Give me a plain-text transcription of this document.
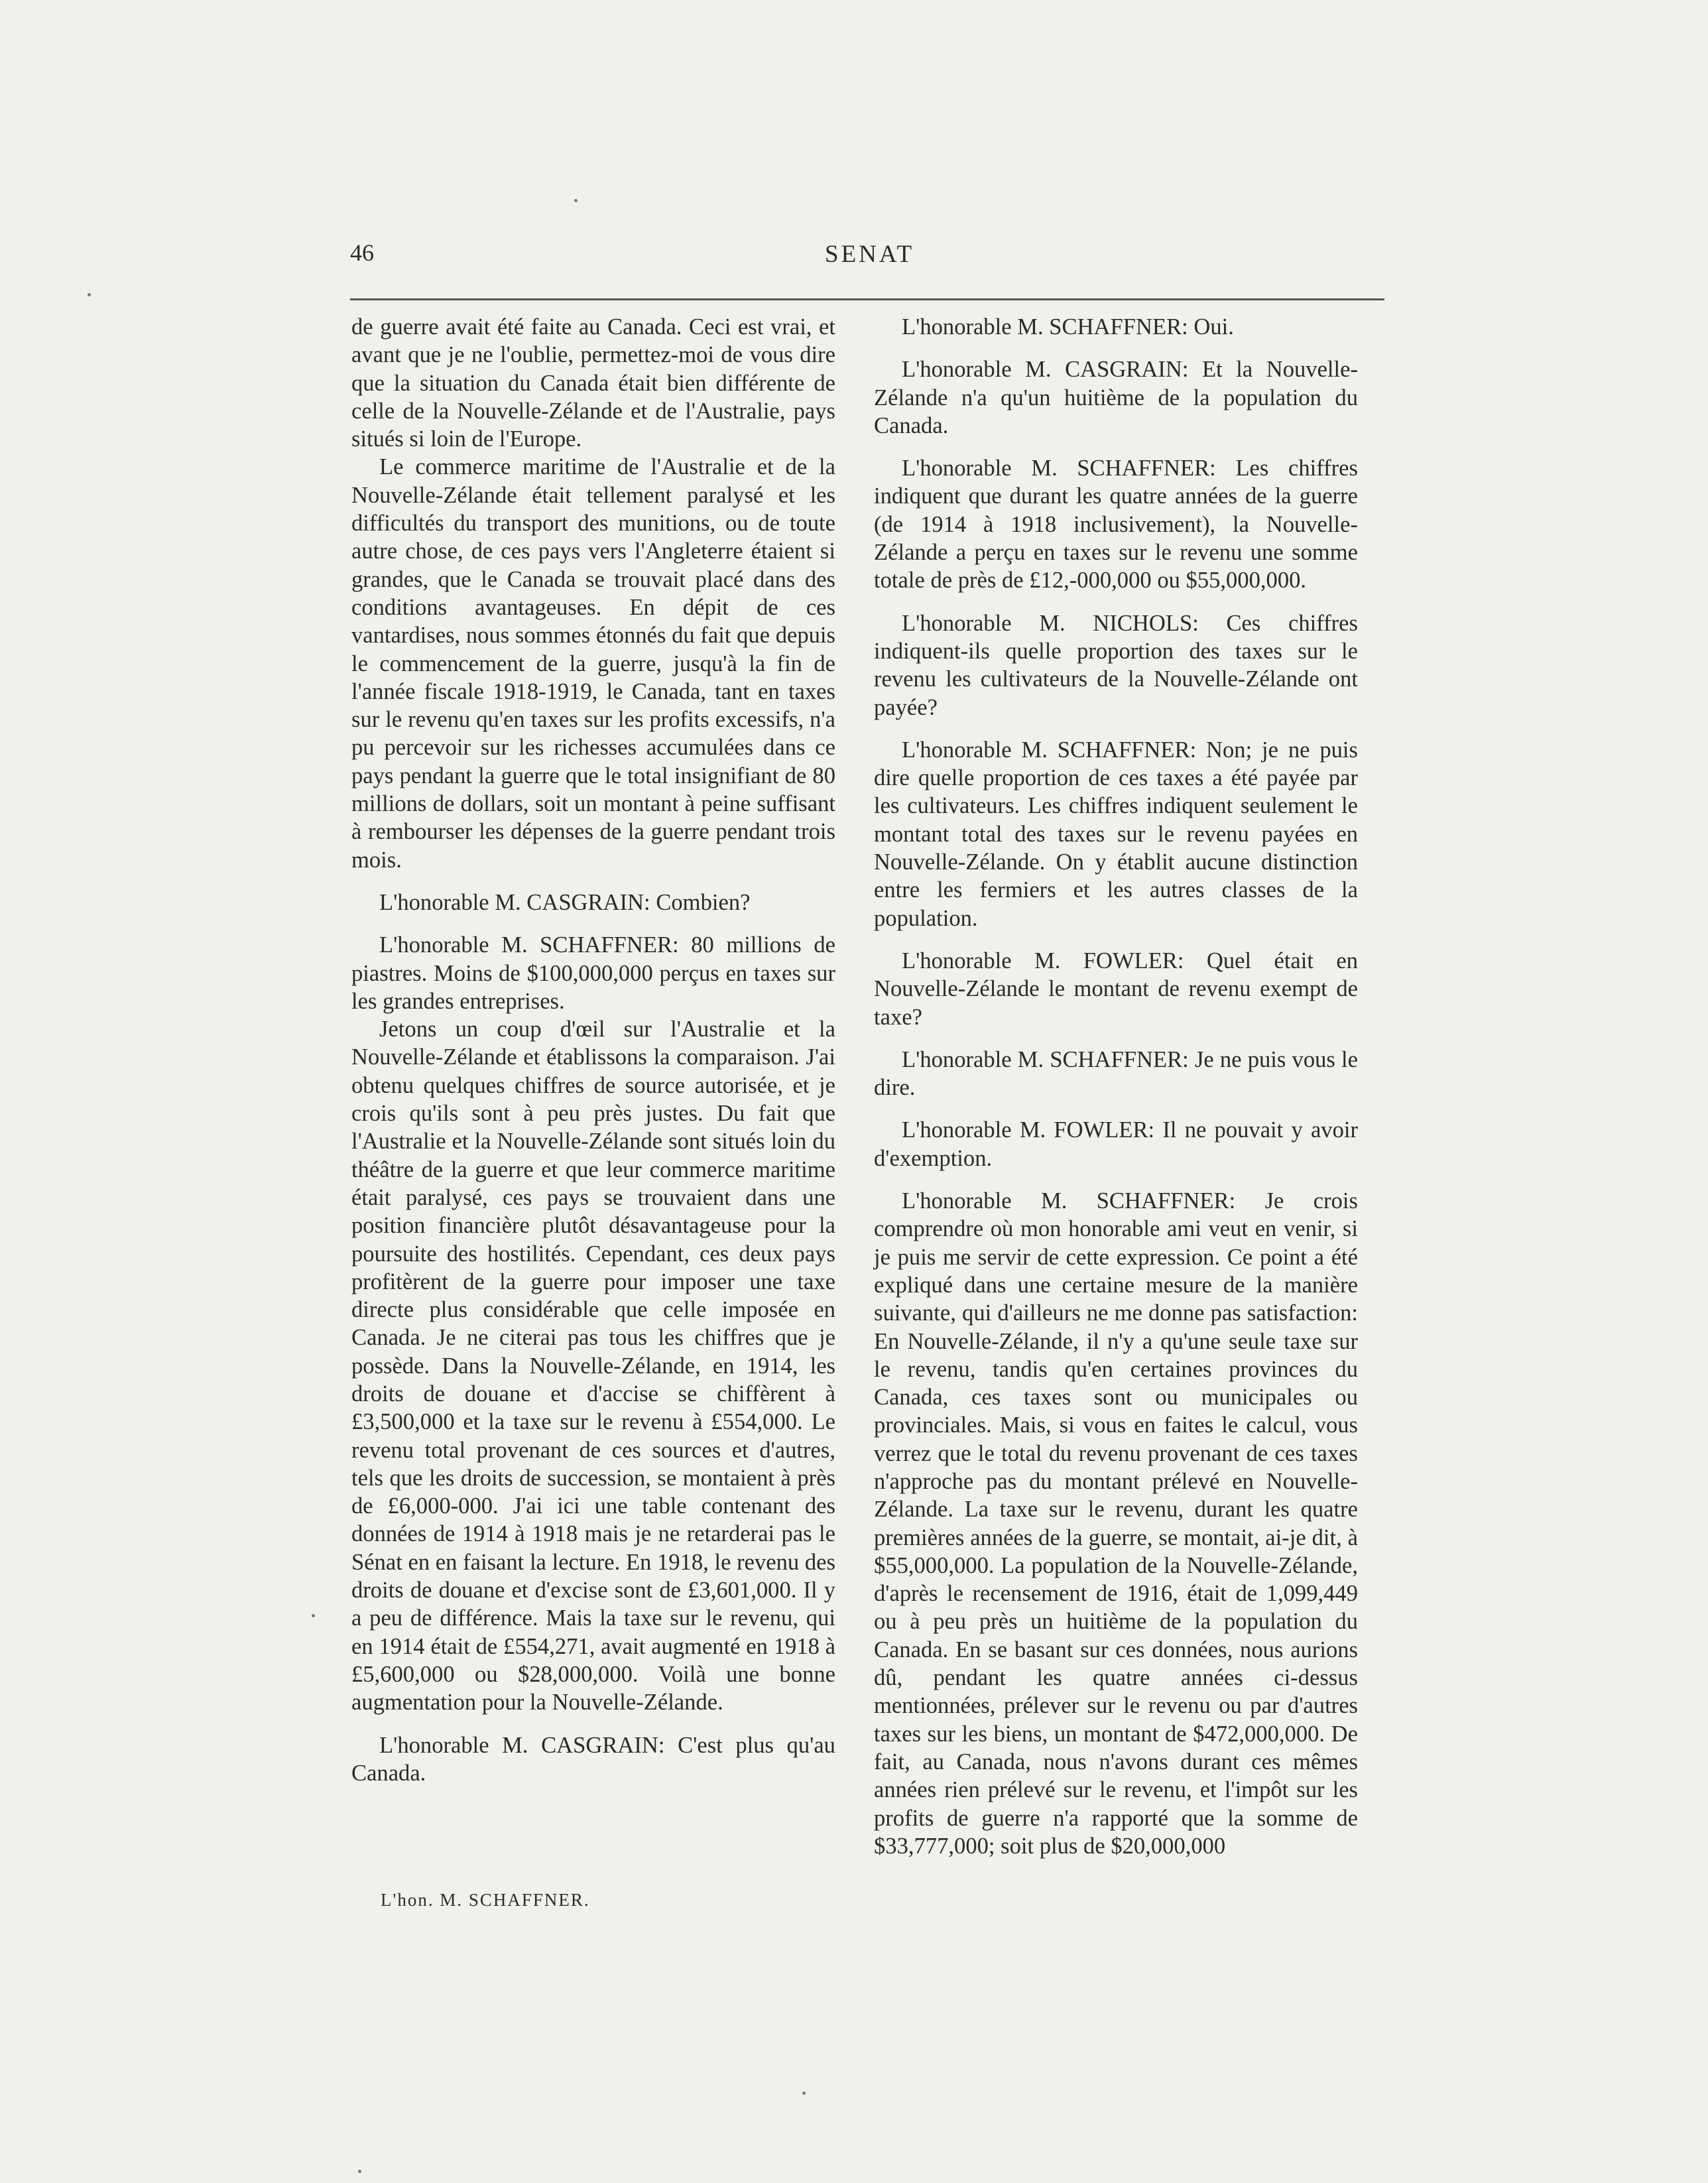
46	SENAT

de guerre avait été faite au Canada. Ceci est vrai, et avant que je ne l'oublie, permettez-moi de vous dire que la situation du Canada était bien différente de celle de la Nouvelle-Zélande et de l'Australie, pays situés si loin de l'Europe.

Le commerce maritime de l'Australie et de la Nouvelle-Zélande était tellement paralysé et les difficultés du transport des munitions, ou de toute autre chose, de ces pays vers l'Angleterre étaient si grandes, que le Canada se trouvait placé dans des conditions avantageuses. En dépit de ces vantardises, nous sommes étonnés du fait que depuis le commencement de la guerre, jusqu'à la fin de l'année fiscale 1918-1919, le Canada, tant en taxes sur le revenu qu'en taxes sur les profits excessifs, n'a pu percevoir sur les richesses accumulées dans ce pays pendant la guerre que le total insignifiant de 80 millions de dollars, soit un montant à peine suffisant à rembourser les dépenses de la guerre pendant trois mois.

L'honorable M. CASGRAIN: Combien?

L'honorable M. SCHAFFNER: 80 millions de piastres. Moins de $100,000,000 perçus en taxes sur les grandes entreprises.

Jetons un coup d'œil sur l'Australie et la Nouvelle-Zélande et établissons la comparaison. J'ai obtenu quelques chiffres de source autorisée, et je crois qu'ils sont à peu près justes. Du fait que l'Australie et la Nouvelle-Zélande sont situés loin du théâtre de la guerre et que leur commerce maritime était paralysé, ces pays se trouvaient dans une position financière plutôt désavantageuse pour la poursuite des hostilités. Cependant, ces deux pays profitèrent de la guerre pour imposer une taxe directe plus considérable que celle imposée en Canada. Je ne citerai pas tous les chiffres que je possède. Dans la Nouvelle-Zélande, en 1914, les droits de douane et d'accise se chiffèrent à £3,500,000 et la taxe sur le revenu à £554,000. Le revenu total provenant de ces sources et d'autres, tels que les droits de succession, se montaient à près de £6,000-000. J'ai ici une table contenant des données de 1914 à 1918 mais je ne retarderai pas le Sénat en en faisant la lecture. En 1918, le revenu des droits de douane et d'excise sont de £3,601,000. Il y a peu de différence. Mais la taxe sur le revenu, qui en 1914 était de £554,271, avait augmenté en 1918 à £5,600,000 ou $28,000,000. Voilà une bonne augmentation pour la Nouvelle-Zélande.

L'honorable M. CASGRAIN: C'est plus qu'au Canada.

L'honorable M. SCHAFFNER: Oui.

L'honorable M. CASGRAIN: Et la Nouvelle-Zélande n'a qu'un huitième de la population du Canada.

L'honorable M. SCHAFFNER: Les chiffres indiquent que durant les quatre années de la guerre (de 1914 à 1918 inclusivement), la Nouvelle-Zélande a perçu en taxes sur le revenu une somme totale de près de £12,-000,000 ou $55,000,000.

L'honorable M. NICHOLS: Ces chiffres indiquent-ils quelle proportion des taxes sur le revenu les cultivateurs de la Nouvelle-Zélande ont payée?

L'honorable M. SCHAFFNER: Non; je ne puis dire quelle proportion de ces taxes a été payée par les cultivateurs. Les chiffres indiquent seulement le montant total des taxes sur le revenu payées en Nouvelle-Zélande. On y établit aucune distinction entre les fermiers et les autres classes de la population.

L'honorable M. FOWLER: Quel était en Nouvelle-Zélande le montant de revenu exempt de taxe?

L'honorable M. SCHAFFNER: Je ne puis vous le dire.

L'honorable M. FOWLER: Il ne pouvait y avoir d'exemption.

L'honorable M. SCHAFFNER: Je crois comprendre où mon honorable ami veut en venir, si je puis me servir de cette expression. Ce point a été expliqué dans une certaine mesure de la manière suivante, qui d'ailleurs ne me donne pas satisfaction: En Nouvelle-Zélande, il n'y a qu'une seule taxe sur le revenu, tandis qu'en certaines provinces du Canada, ces taxes sont ou municipales ou provinciales. Mais, si vous en faites le calcul, vous verrez que le total du revenu provenant de ces taxes n'approche pas du montant prélevé en Nouvelle-Zélande. La taxe sur le revenu, durant les quatre premières années de la guerre, se montait, ai-je dit, à $55,000,000. La population de la Nouvelle-Zélande, d'après le recensement de 1916, était de 1,099,449 ou à peu près un huitième de la population du Canada. En se basant sur ces données, nous aurions dû, pendant les quatre années ci-dessus mentionnées, prélever sur le revenu ou par d'autres taxes sur les biens, un montant de $472,000,000. De fait, au Canada, nous n'avons durant ces mêmes années rien prélevé sur le revenu, et l'impôt sur les profits de guerre n'a rapporté que la somme de $33,777,000; soit plus de $20,000,000

L'hon. M. SCHAFFNER.
